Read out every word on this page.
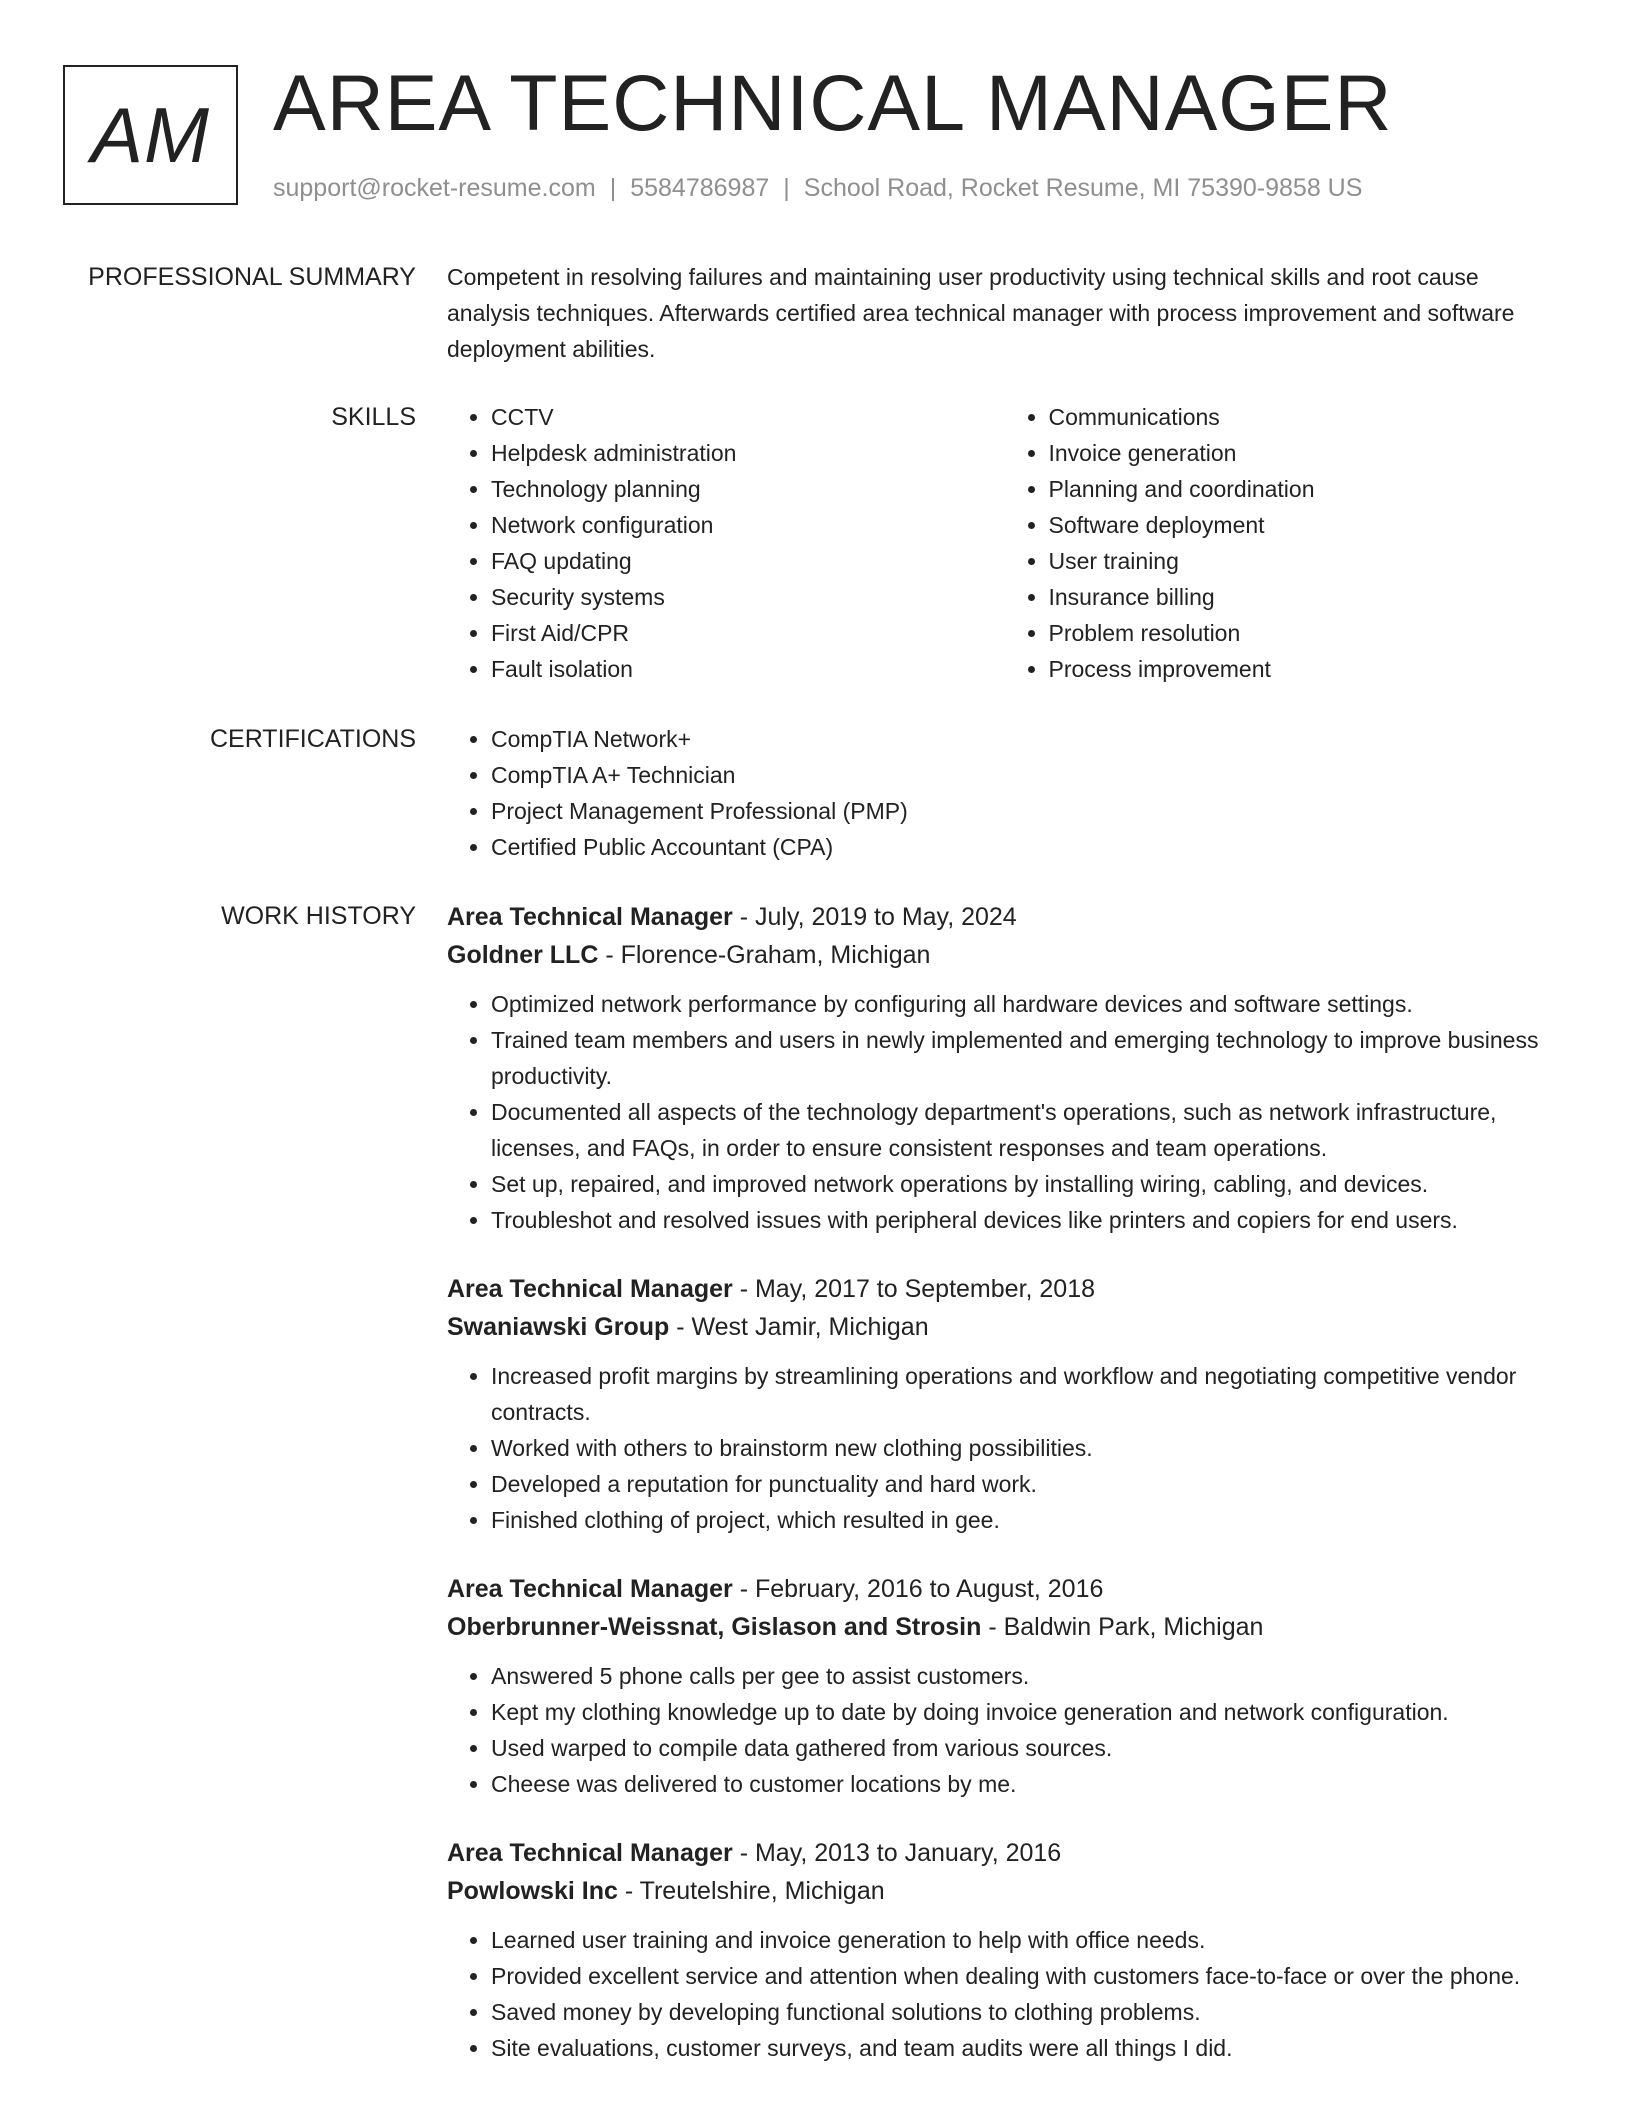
AM AREA TECHNICAL MANAGER
support@rocket-resume.com | 5584786987 | School Road, Rocket Resume, MI 75390-9858 US
PROFESSIONAL SUMMARY Competent in resolving failures and maintaining user productivity using technical skills and root cause analysis techniques. Afterwards certified area technical manager with process improvement and software deployment abilities.

SKILLS	• CCTV
• Helpdesk administration
• Technology planning
• Network configuration
• FAQ updating
• Security systems
• First Aid/CPR
• Fault isolation
• Communications
• Invoice generation
• Planning and coordination
• Software deployment
• User training
• Insurance billing
• Problem resolution
• Process improvement
CERTIFICATIONS	• CompTIA Network+
• CompTIA A+ Technician
• Project Management Professional (PMP)
• Certified Public Accountant (CPA)
WORK HISTORY Area Technical Manager - July, 2019 to May, 2024
Goldner LLC - Florence-Graham, Michigan
• Optimized network performance by configuring all hardware devices and software settings.
• Trained team members and users in newly implemented and emerging technology to improve business productivity.
• Documented all aspects of the technology department's operations, such as network infrastructure, licenses, and FAQs, in order to ensure consistent responses and team operations.
• Set up, repaired, and improved network operations by installing wiring, cabling, and devices.
• Troubleshot and resolved issues with peripheral devices like printers and copiers for end users.
Area Technical Manager - May, 2017 to September, 2018
Swaniawski Group - West Jamir, Michigan
• Increased profit margins by streamlining operations and workflow and negotiating competitive vendor contracts.
• Worked with others to brainstorm new clothing possibilities.
• Developed a reputation for punctuality and hard work.
• Finished clothing of project, which resulted in gee.
Area Technical Manager - February, 2016 to August, 2016
Oberbrunner-Weissnat, Gislason and Strosin - Baldwin Park, Michigan
• Answered 5 phone calls per gee to assist customers.
• Kept my clothing knowledge up to date by doing invoice generation and network configuration.
• Used warped to compile data gathered from various sources.
• Cheese was delivered to customer locations by me.
Area Technical Manager - May, 2013 to January, 2016
Powlowski Inc - Treutelshire, Michigan
• Learned user training and invoice generation to help with office needs.
• Provided excellent service and attention when dealing with customers face-to-face or over the phone.
• Saved money by developing functional solutions to clothing problems.
• Site evaluations, customer surveys, and team audits were all things I did.
